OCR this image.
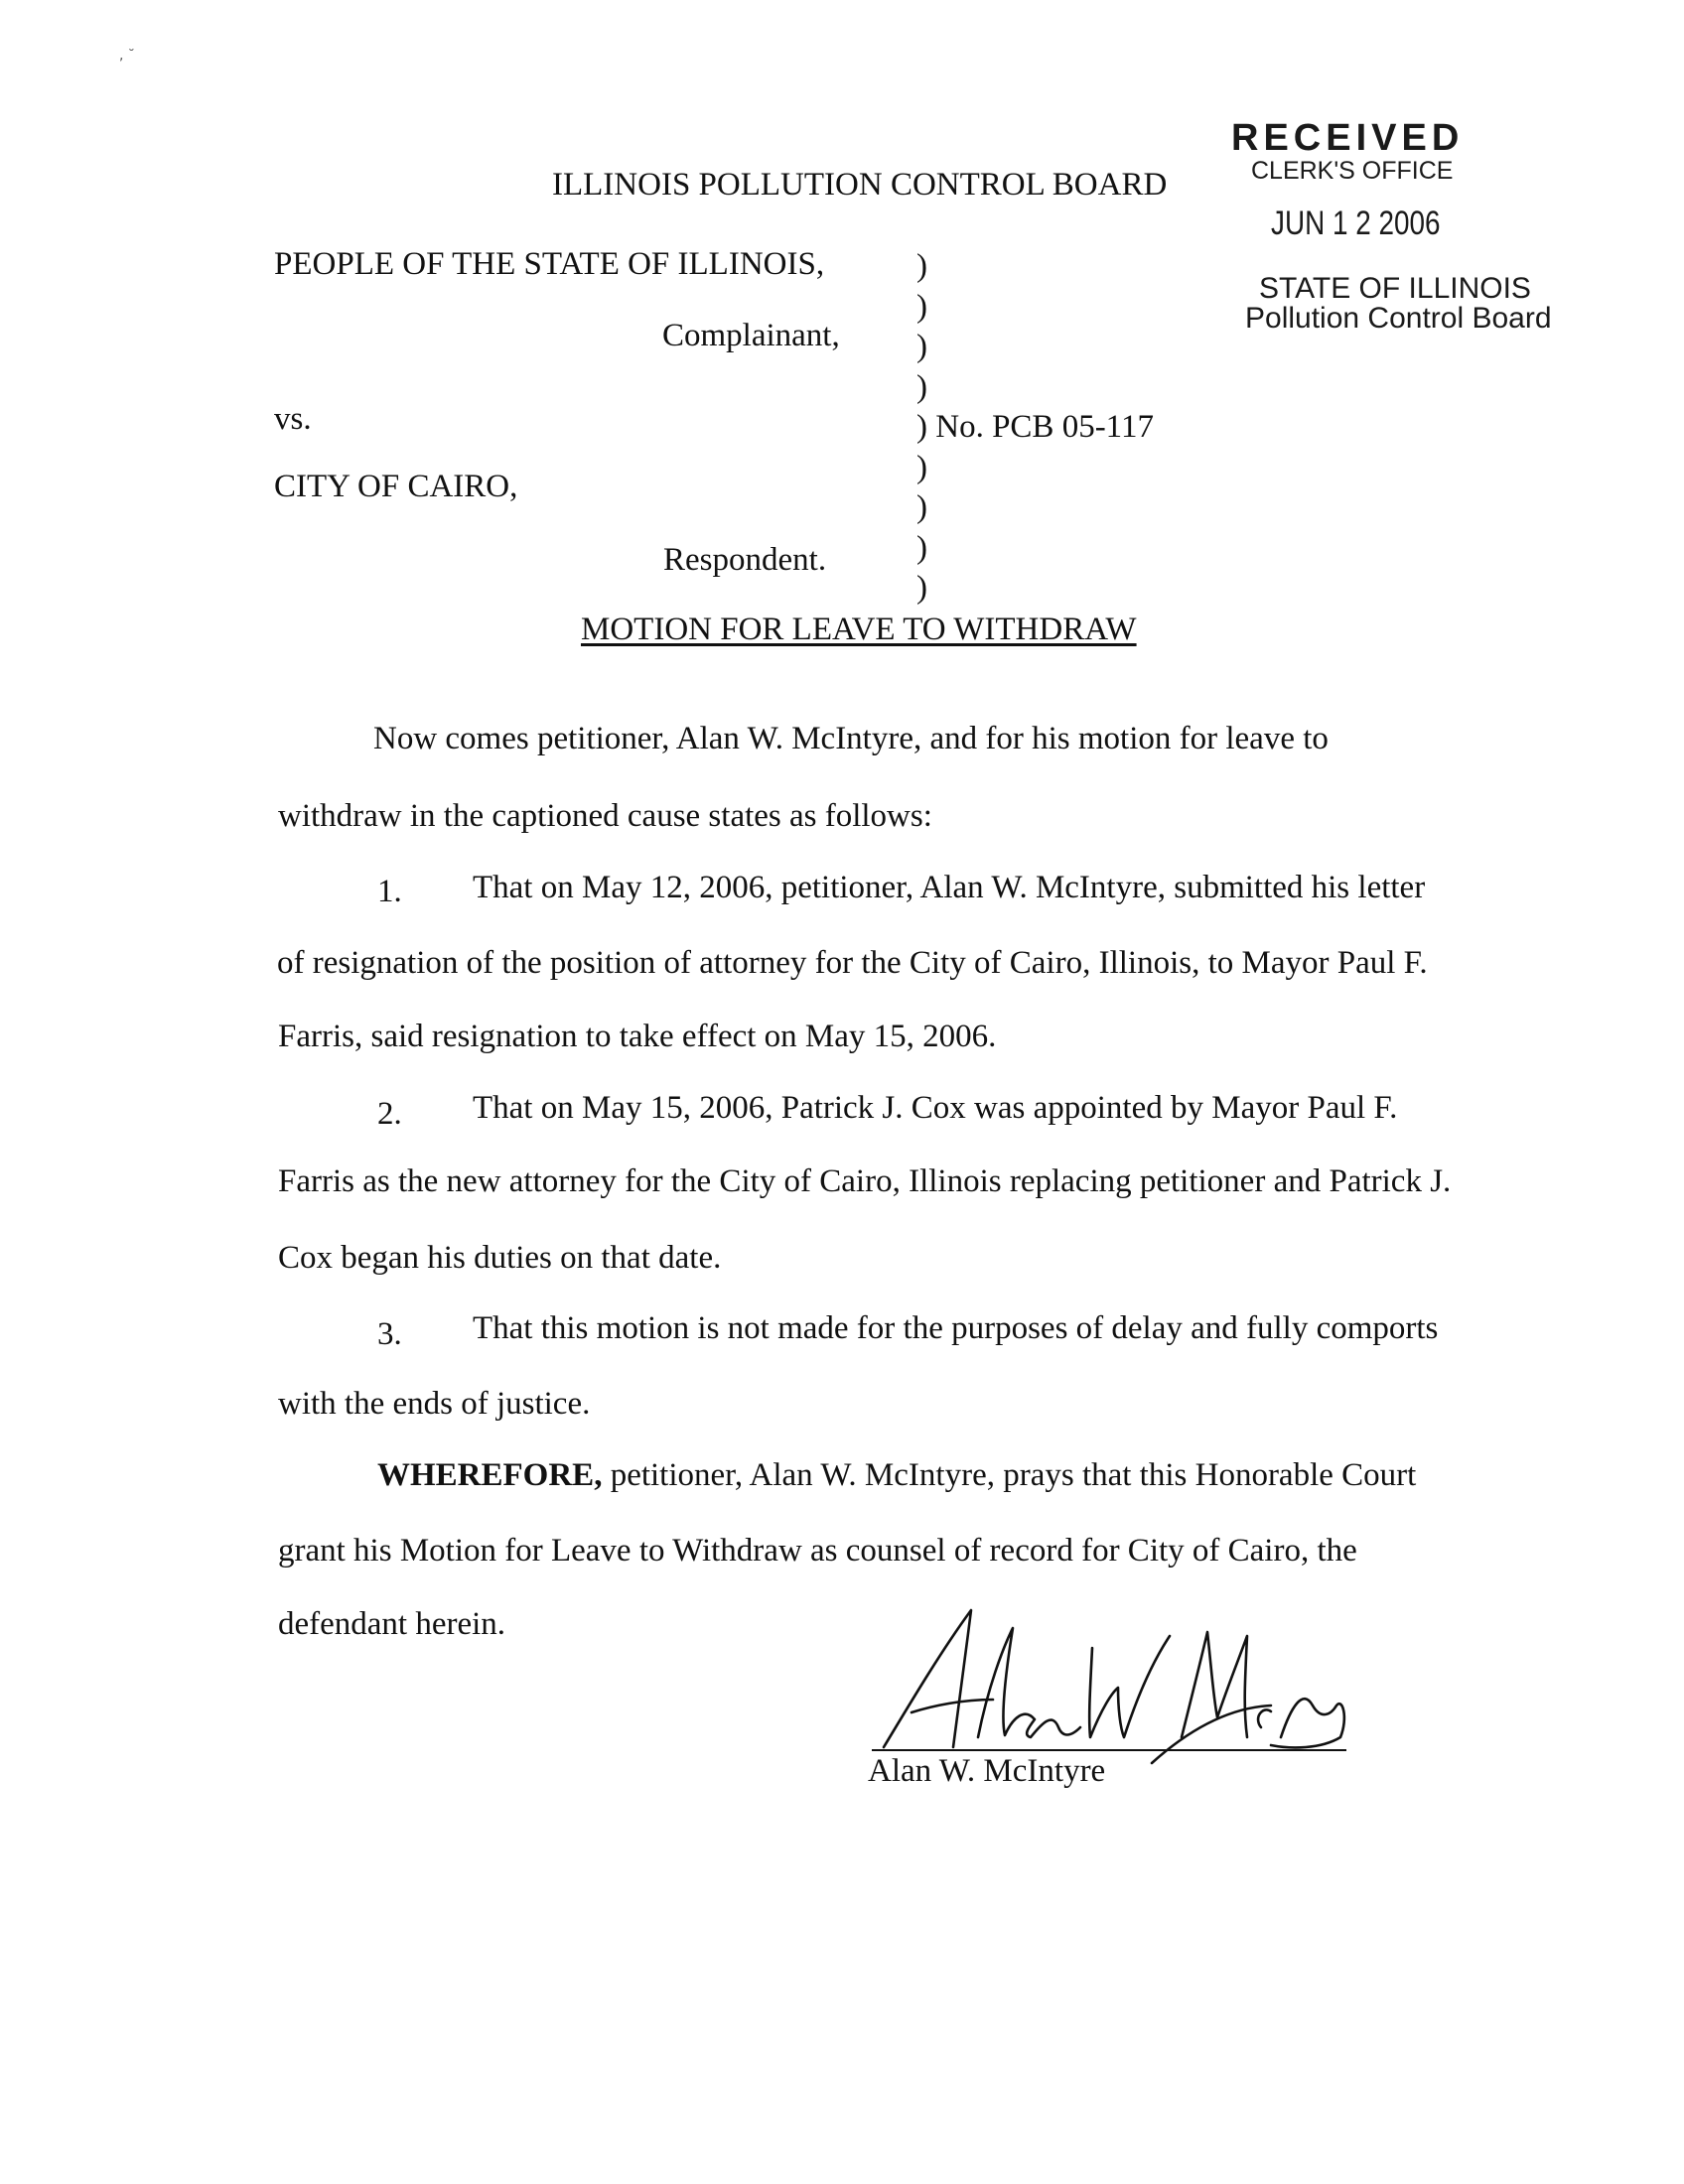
, ˘
RECEIVED
CLERK'S OFFICE
JUN 1 2 2006
STATE OF ILLINOIS
Pollution Control Board
ILLINOIS POLLUTION CONTROL BOARD
PEOPLE OF THE STATE OF ILLINOIS,
Complainant,
vs.
CITY OF CAIRO,
Respondent.
)
)
)
)
) No. PCB 05-117
)
)
)
)
MOTION FOR LEAVE TO WITHDRAW
Now comes petitioner, Alan W. McIntyre, and for his motion for leave to
withdraw in the captioned cause states as follows:
1. That on May 12, 2006, petitioner, Alan W. McIntyre, submitted his letter
of resignation of the position of attorney for the City of Cairo, Illinois, to Mayor Paul F.
Farris, said resignation to take effect on May 15, 2006.
2. That on May 15, 2006, Patrick J. Cox was appointed by Mayor Paul F.
Farris as the new attorney for the City of Cairo, Illinois replacing petitioner and Patrick J.
Cox began his duties on that date.
3. That this motion is not made for the purposes of delay and fully comports
with the ends of justice.
WHEREFORE, petitioner, Alan W. McIntyre, prays that this Honorable Court
grant his Motion for Leave to Withdraw as counsel of record for City of Cairo, the
defendant herein.
Alan W. McIntyre
